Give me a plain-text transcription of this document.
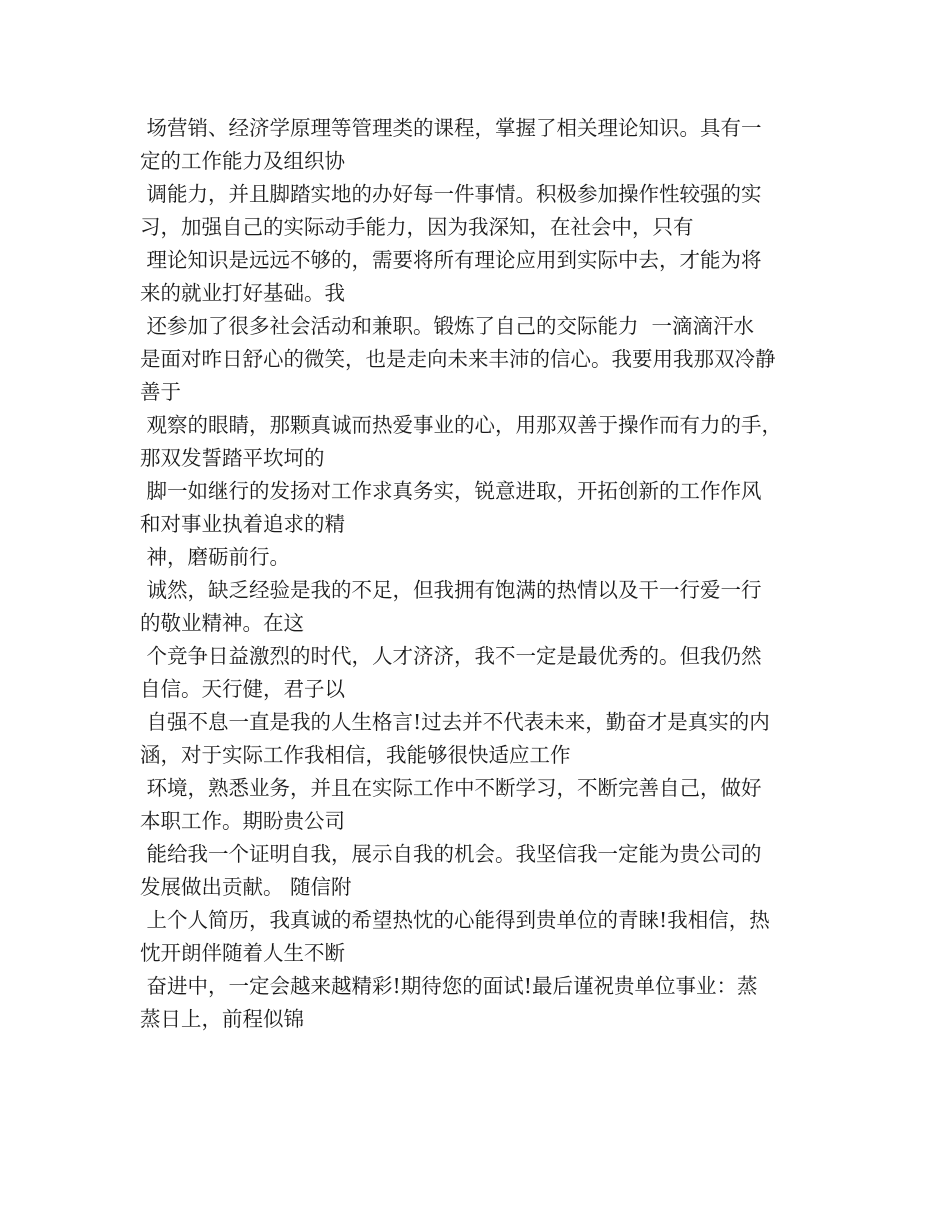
场营销、经济学原理等管理类的课程，掌握了相关理论知识。具有一
定的工作能力及组织协
调能力，并且脚踏实地的办好每一件事情。积极参加操作性较强的实
习，加强自己的实际动手能力，因为我深知，在社会中，只有
理论知识是远远不够的，需要将所有理论应用到实际中去，才能为将
来的就业打好基础。我
还参加了很多社会活动和兼职。锻炼了自己的交际能力  一滴滴汗水
是面对昨日舒心的微笑，也是走向未来丰沛的信心。我要用我那双冷静
善于
观察的眼睛，那颗真诚而热爱事业的心，用那双善于操作而有力的手，
那双发誓踏平坎坷的
脚一如继行的发扬对工作求真务实，锐意进取，开拓创新的工作作风
和对事业执着追求的精
神，磨砺前行。
诚然，缺乏经验是我的不足，但我拥有饱满的热情以及干一行爱一行
的敬业精神。在这
个竞争日益激烈的时代，人才济济，我不一定是最优秀的。但我仍然
自信。天行健，君子以
自强不息一直是我的人生格言!过去并不代表未来，勤奋才是真实的内
涵，对于实际工作我相信，我能够很快适应工作
环境，熟悉业务，并且在实际工作中不断学习，不断完善自己，做好
本职工作。期盼贵公司
能给我一个证明自我，展示自我的机会。我坚信我一定能为贵公司的
发展做出贡献。 随信附
上个人简历，我真诚的希望热忱的心能得到贵单位的青睐!我相信，热
忱开朗伴随着人生不断
奋进中，一定会越来越精彩!期待您的面试!最后谨祝贵单位事业：蒸
蒸日上，前程似锦
